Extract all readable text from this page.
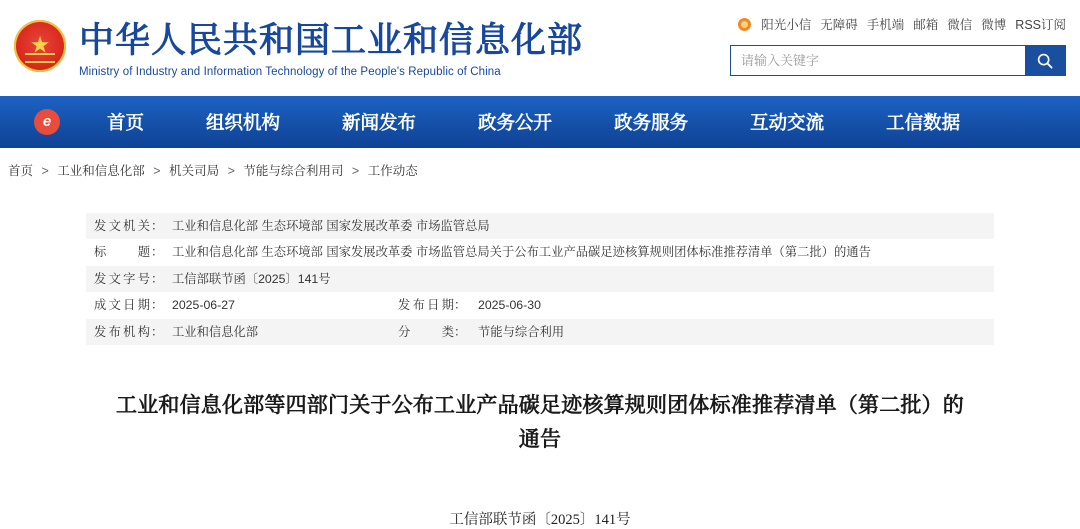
★
中华人民共和国工业和信息化部
Ministry of Industry and Information Technology of the People's Republic of China
阳光小信 无障碍 手机端 邮箱 微信 微博 RSS订阅
请输入关键字
e
首页	组织机构	新闻发布	政务公开	政务服务	互动交流	工信数据
首页 > 工业和信息化部 > 机关司局 > 节能与综合利用司 > 工作动态
发文机关：	工业和信息化部 生态环境部 国家发展改革委 市场监管总局		
标 题：	工业和信息化部 生态环境部 国家发展改革委 市场监管总局关于公布工业产品碳足迹核算规则团体标准推荐清单（第二批）的通告		
发文字号：	工信部联节函〔2025〕141号		
成文日期：	2025-06-27	发布日期：	2025-06-30
发布机构：	工业和信息化部	分 类：	节能与综合利用
工业和信息化部等四部门关于公布工业产品碳足迹核算规则团体标准推荐清单（第二批）的通告
工信部联节函〔2025〕141号
